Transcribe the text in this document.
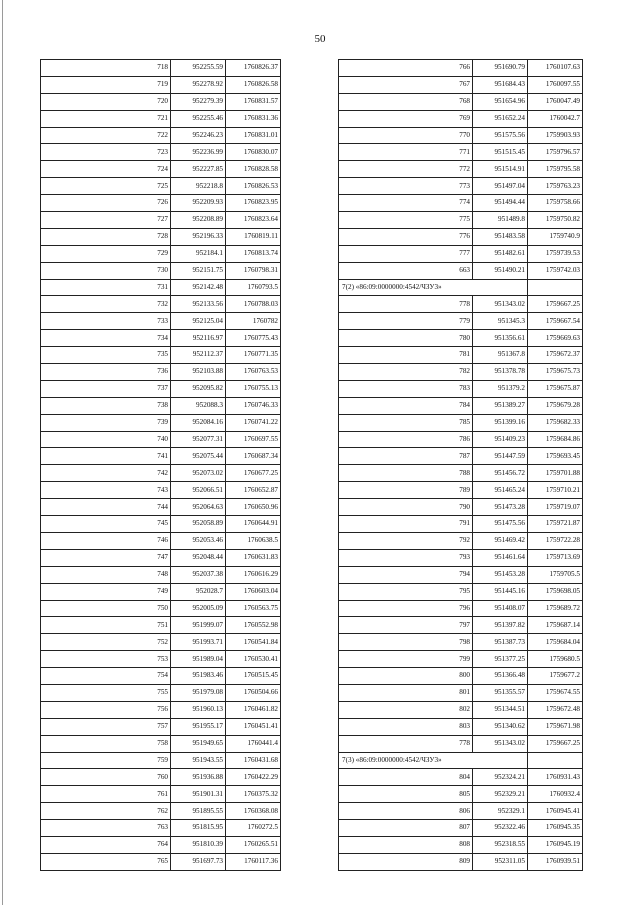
50
718	952255.59	1760826.37
719	952278.92	1760826.58
720	952279.39	1760831.57
721	952255.46	1760831.36
722	952246.23	1760831.01
723	952236.99	1760830.07
724	952227.85	1760828.58
725	952218.8	1760826.53
726	952209.93	1760823.95
727	952208.89	1760823.64
728	952196.33	1760819.11
729	952184.1	1760813.74
730	952151.75	1760798.31
731	952142.48	1760793.5
732	952133.56	1760788.03
733	952125.04	1760782
734	952116.97	1760775.43
735	952112.37	1760771.35
736	952103.88	1760763.53
737	952095.82	1760755.13
738	952088.3	1760746.33
739	952084.16	1760741.22
740	952077.31	1760697.55
741	952075.44	1760687.34
742	952073.02	1760677.25
743	952066.51	1760652.87
744	952064.63	1760650.96
745	952058.89	1760644.91
746	952053.46	1760638.5
747	952048.44	1760631.83
748	952037.38	1760616.29
749	952028.7	1760603.04
750	952005.09	1760563.75
751	951999.07	1760552.98
752	951993.71	1760541.84
753	951989.04	1760530.41
754	951983.46	1760515.45
755	951979.08	1760504.66
756	951960.13	1760461.82
757	951955.17	1760451.41
758	951949.65	1760441.4
759	951943.55	1760431.68
760	951936.88	1760422.29
761	951901.31	1760375.32
762	951895.55	1760368.08
763	951815.95	1760272.5
764	951810.39	1760265.51
765	951697.73	1760117.36
766	951690.79	1760107.63
767	951684.43	1760097.55
768	951654.96	1760047.49
769	951652.24	1760042.7
770	951575.56	1759903.93
771	951515.45	1759796.57
772	951514.91	1759795.58
773	951497.04	1759763.23
774	951494.44	1759758.66
775	951489.8	1759750.82
776	951483.58	1759740.9
777	951482.61	1759739.53
663	951490.21	1759742.03
7(2) «86:09:0000000:4542/ЧЗУ3»		
778	951343.02	1759667.25
779	951345.3	1759667.54
780	951356.61	1759669.63
781	951367.8	1759672.37
782	951378.78	1759675.73
783	951379.2	1759675.87
784	951389.27	1759679.28
785	951399.16	1759682.33
786	951409.23	1759684.86
787	951447.59	1759693.45
788	951456.72	1759701.88
789	951465.24	1759710.21
790	951473.28	1759719.07
791	951475.56	1759721.87
792	951469.42	1759722.28
793	951461.64	1759713.69
794	951453.28	1759705.5
795	951445.16	1759698.05
796	951408.07	1759689.72
797	951397.82	1759687.14
798	951387.73	1759684.04
799	951377.25	1759680.5
800	951366.48	1759677.2
801	951355.57	1759674.55
802	951344.51	1759672.48
803	951340.62	1759671.98
778	951343.02	1759667.25
7(3) «86:09:0000000:4542/ЧЗУ3»		
804	952324.21	1760931.43
805	952329.21	1760932.4
806	952329.1	1760945.41
807	952322.46	1760945.35
808	952318.55	1760945.19
809	952311.05	1760939.51
